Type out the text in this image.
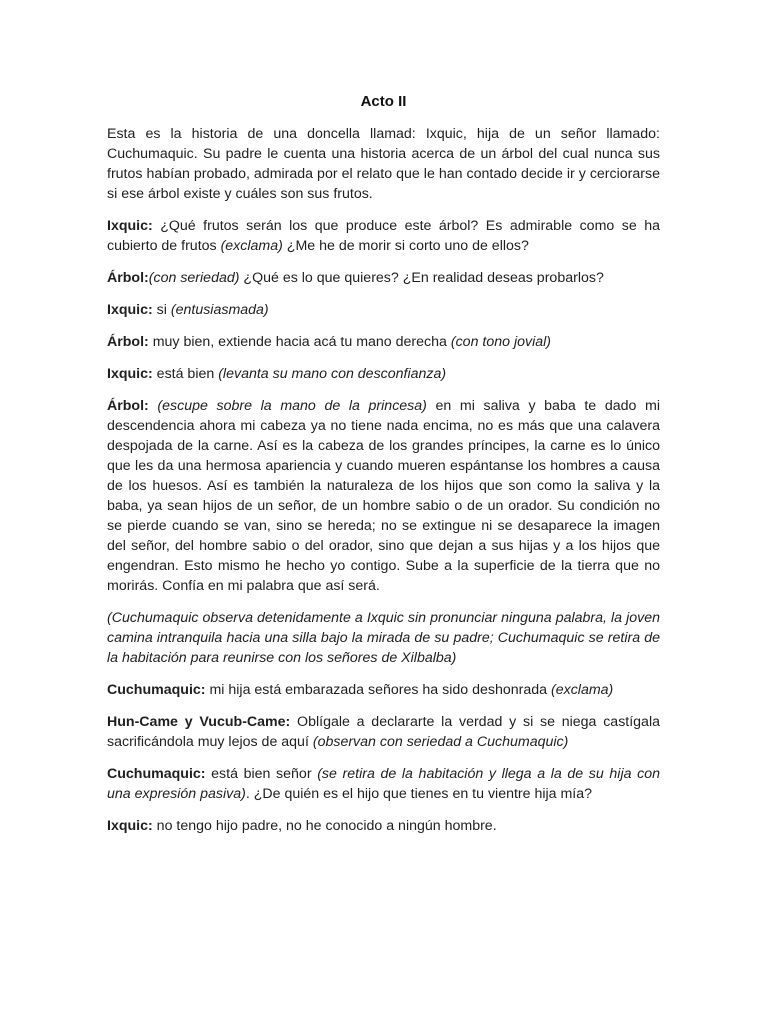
Acto II

Esta es la historia de una doncella llamad: Ixquic, hija de un señor llamado: Cuchumaquic. Su padre le cuenta una historia acerca de un árbol del cual nunca sus frutos habían probado, admirada por el relato que le han contado decide ir y cerciorarse si ese árbol existe y cuáles son sus frutos.

Ixquic: ¿Qué frutos serán los que produce este árbol? Es admirable como se ha cubierto de frutos (exclama) ¿Me he de morir si corto uno de ellos?

Árbol:(con seriedad) ¿Qué es lo que quieres? ¿En realidad deseas probarlos?

Ixquic: si (entusiasmada)

Árbol: muy bien, extiende hacia acá tu mano derecha (con tono jovial)

Ixquic: está bien (levanta su mano con desconfianza)

Árbol: (escupe sobre la mano de la princesa) en mi saliva y baba te dado mi descendencia ahora mi cabeza ya no tiene nada encima, no es más que una calavera despojada de la carne. Así es la cabeza de los grandes príncipes, la carne es lo único que les da una hermosa apariencia y cuando mueren espántanse los hombres a causa de los huesos. Así es también la naturaleza de los hijos que son como la saliva y la baba, ya sean hijos de un señor, de un hombre sabio o de un orador. Su condición no se pierde cuando se van, sino se hereda; no se extingue ni se desaparece la imagen del señor, del hombre sabio o del orador, sino que dejan a sus hijas y a los hijos que engendran. Esto mismo he hecho yo contigo. Sube a la superficie de la tierra que no morirás. Confía en mi palabra que así será.

(Cuchumaquic observa detenidamente a Ixquic sin pronunciar ninguna palabra, la joven camina intranquila hacia una silla bajo la mirada de su padre; Cuchumaquic se retira de la habitación para reunirse con los señores de Xilbalba)

Cuchumaquic: mi hija está embarazada señores ha sido deshonrada (exclama)

Hun-Came y Vucub-Came: Oblígale a declararte la verdad y si se niega castígala sacrificándola muy lejos de aquí (observan con seriedad a Cuchumaquic)

Cuchumaquic: está bien señor (se retira de la habitación y llega a la de su hija con una expresión pasiva). ¿De quién es el hijo que tienes en tu vientre hija mía?

Ixquic: no tengo hijo padre, no he conocido a ningún hombre.
